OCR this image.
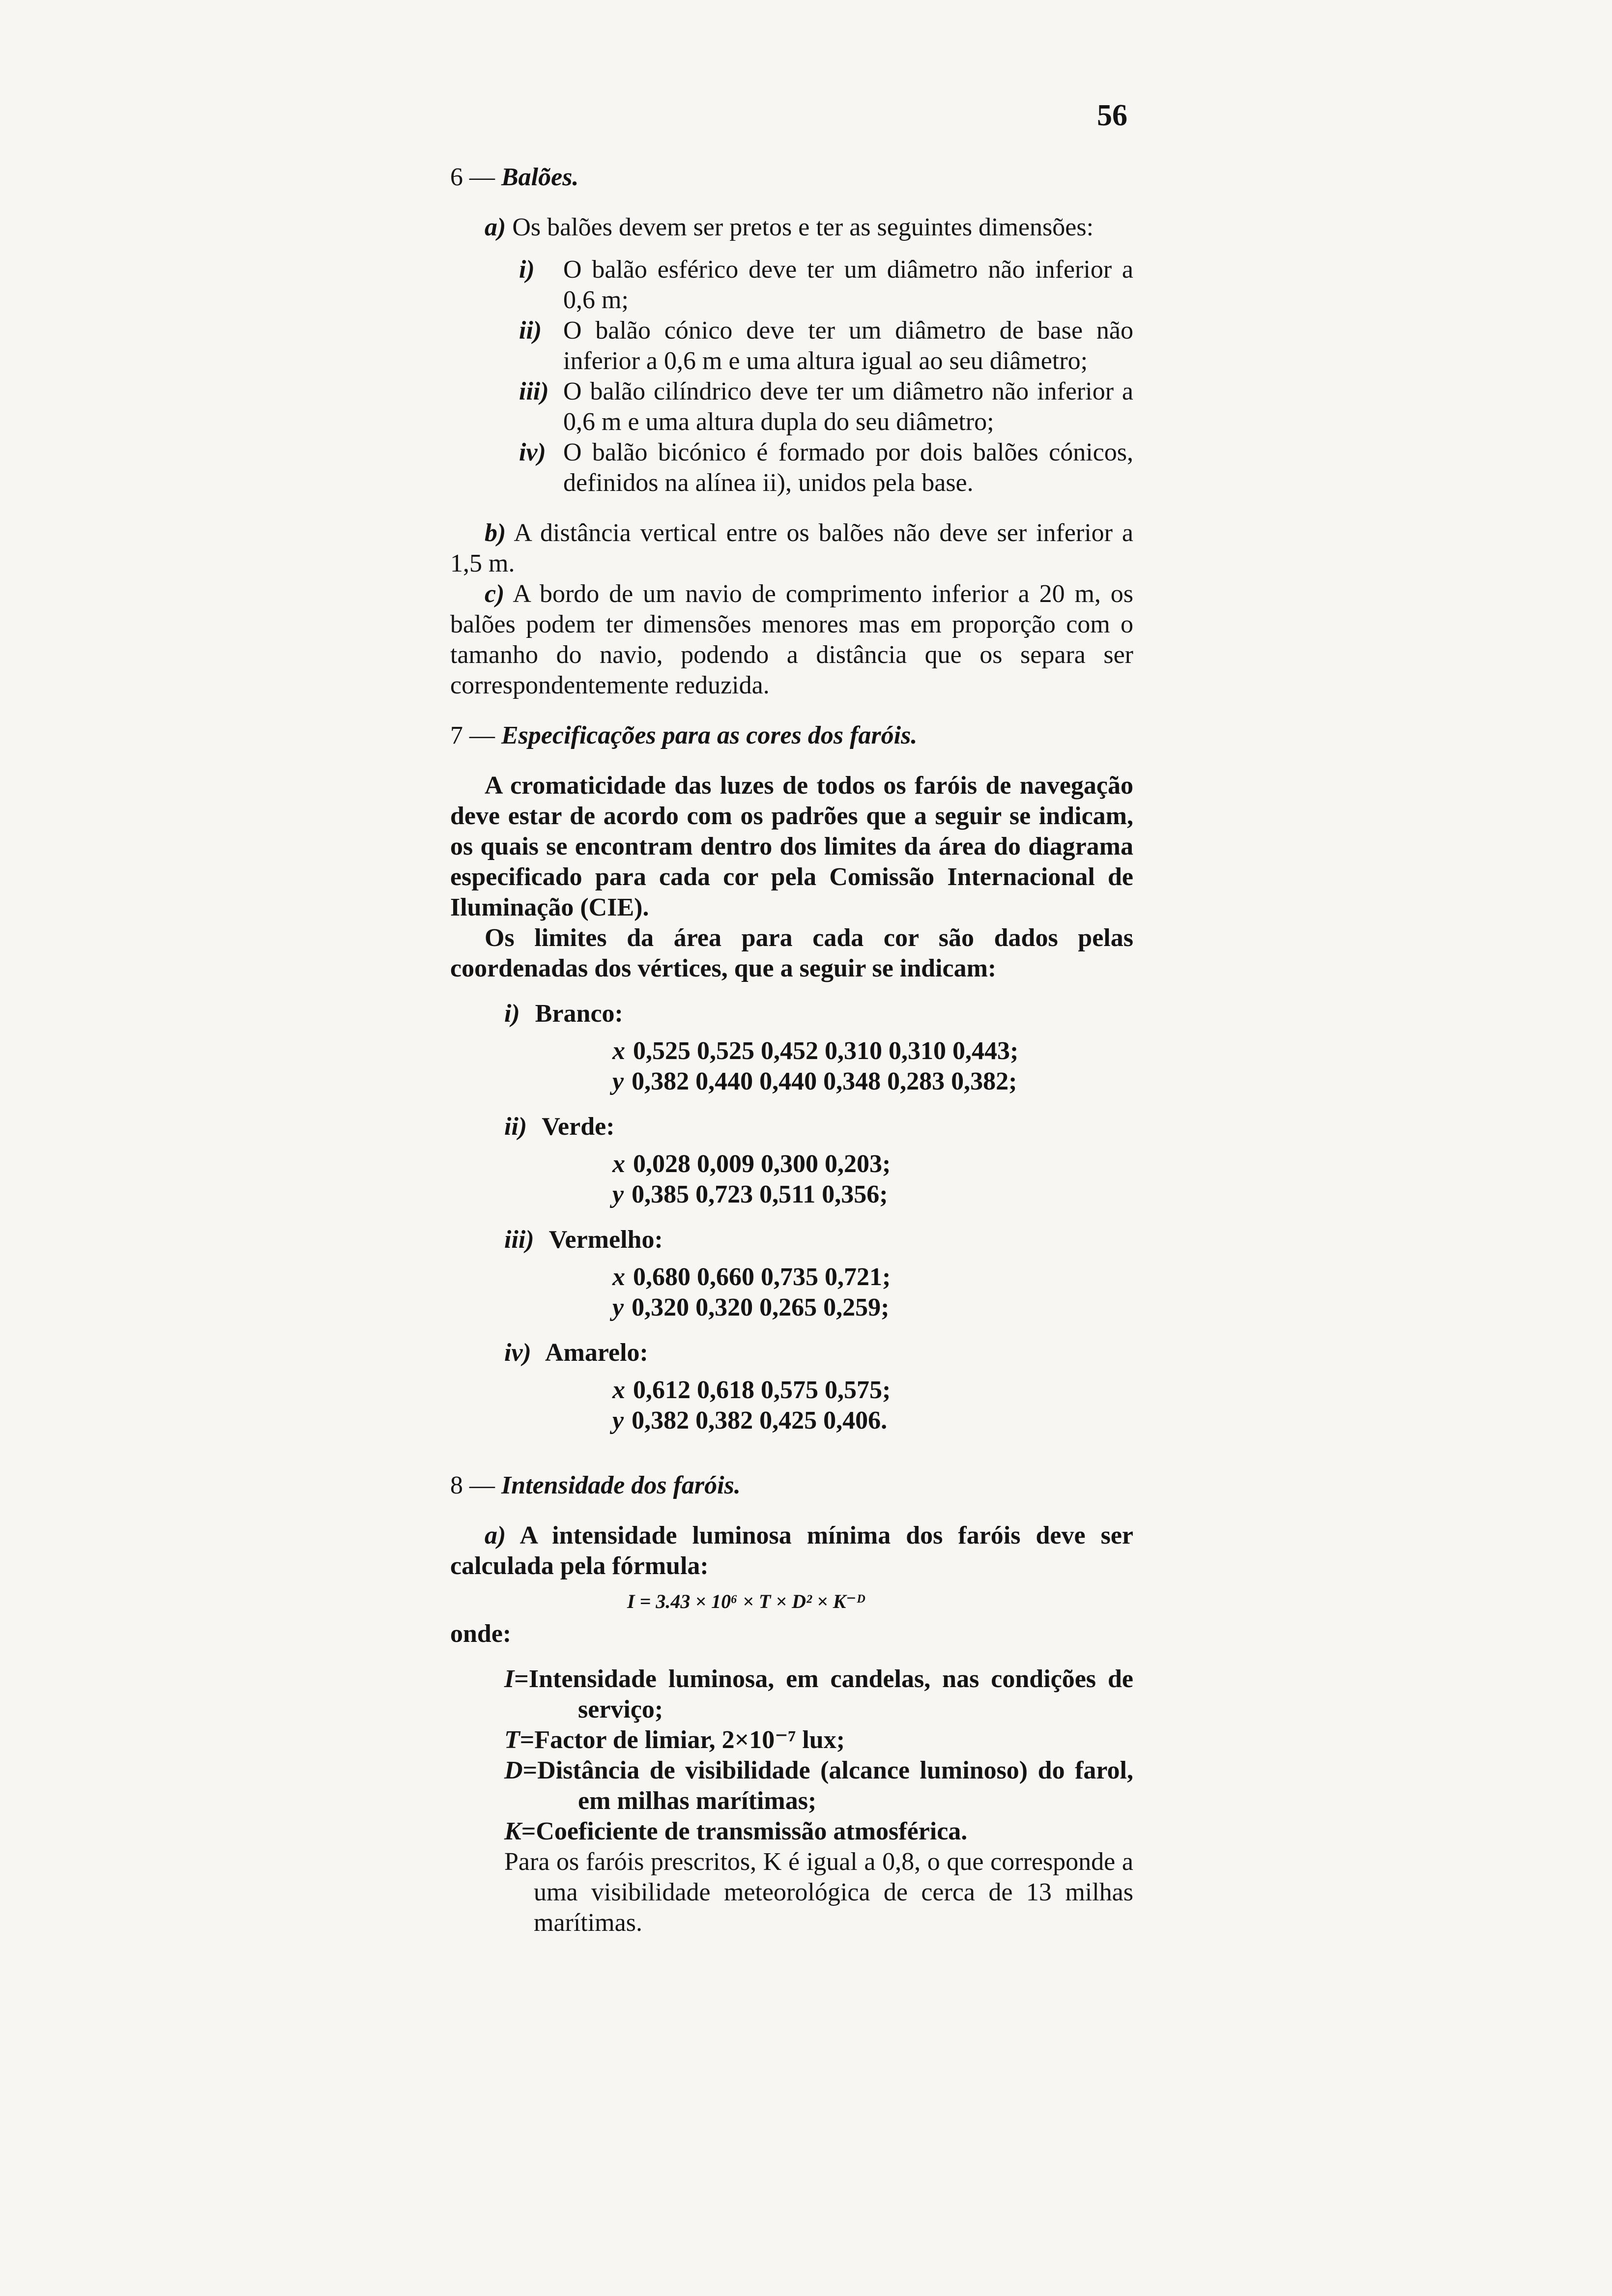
56
6 — Balões.

a) Os balões devem ser pretos e ter as seguintes dimensões:

i) O balão esférico deve ter um diâmetro não inferior a 0,6 m;
ii) O balão cónico deve ter um diâmetro de base não inferior a 0,6 m e uma altura igual ao seu diâmetro;
iii) O balão cilíndrico deve ter um diâmetro não inferior a 0,6 m e uma altura dupla do seu diâmetro;
iv) O balão bicónico é formado por dois balões cónicos, definidos na alínea ii), unidos pela base.

b) A distância vertical entre os balões não deve ser inferior a 1,5 m.

c) A bordo de um navio de comprimento inferior a 20 m, os balões podem ter dimensões menores mas em proporção com o tamanho do navio, podendo a distância que os separa ser correspondentemente reduzida.

7 — Especificações para as cores dos faróis.

A cromaticidade das luzes de todos os faróis de navegação deve estar de acordo com os padrões que a seguir se indicam, os quais se encontram dentro dos limites da área do diagrama especificado para cada cor pela Comissão Internacional de Iluminação (CIE).

Os limites da área para cada cor são dados pelas coordenadas dos vértices, que a seguir se indicam:

i) Branco:
x 0,525 0,525 0,452 0,310 0,310 0,443;
y 0,382 0,440 0,440 0,348 0,283 0,382;
ii) Verde:
x 0,028 0,009 0,300 0,203;
y 0,385 0,723 0,511 0,356;
iii) Vermelho:
x 0,680 0,660 0,735 0,721;
y 0,320 0,320 0,265 0,259;
iv) Amarelo:
x 0,612 0,618 0,575 0,575;
y 0,382 0,382 0,425 0,406.
8 — Intensidade dos faróis.

a) A intensidade luminosa mínima dos faróis deve ser calculada pela fórmula:

I = 3.43 × 10⁶ × T × D² × K⁻ᴰ
onde:
I=Intensidade luminosa, em candelas, nas condições de serviço;
T=Factor de limiar, 2×10⁻⁷ lux;
D=Distância de visibilidade (alcance luminoso) do farol, em milhas marítimas;
K=Coeficiente de transmissão atmosférica.

Para os faróis prescritos, K é igual a 0,8, o que corresponde a uma visibilidade meteorológica de cerca de 13 milhas marítimas.
